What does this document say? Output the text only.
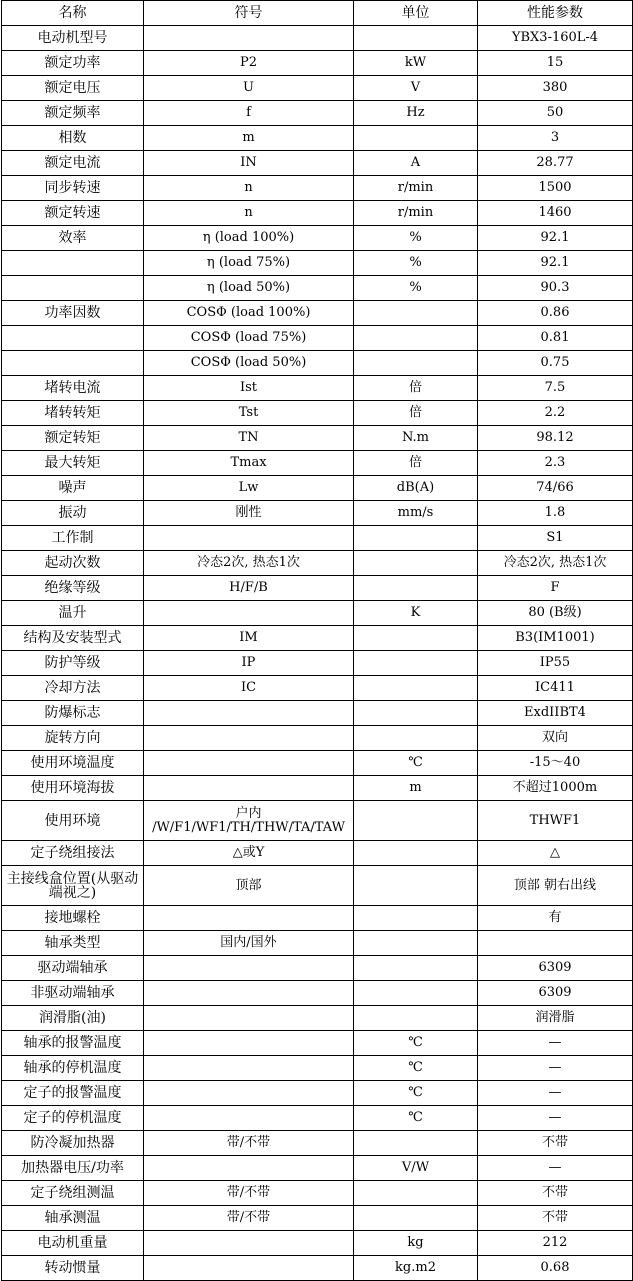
名称	符号	单位	性能参数
电动机型号			YBX3-160L-4
额定功率	P2	kW	15
额定电压	U	V	380
额定频率	f	Hz	50
相数	m		3
额定电流	IN	A	28.77
同步转速	n	r/min	1500
额定转速	n	r/min	1460
效率	η (load 100%)	%	92.1
	η (load 75%)	%	92.1
	η (load 50%)	%	90.3
功率因数	COSΦ (load 100%)		0.86
	COSΦ (load 75%)		0.81
	COSΦ (load 50%)		0.75
堵转电流	Ist	倍	7.5
堵转转矩	Tst	倍	2.2
额定转矩	TN	N.m	98.12
最大转矩	Tmax	倍	2.3
噪声	Lw	dB(A)	74/66
振动	刚性	mm/s	1.8
工作制			S1
起动次数	冷态2次, 热态1次		冷态2次, 热态1次
绝缘等级	H/F/B		F
温升		K	80 (B级)
结构及安装型式	IM		B3(IM1001)
防护等级	IP		IP55
冷却方法	IC		IC411
防爆标志			ExdIIBT4
旋转方向			双向
使用环境温度		℃	-15～40
使用环境海拔		m	不超过1000m
使用环境	户内 /W/F1/WF1/TH/THW/TA/TAW		THWF1
定子绕组接法	△或Y		△
主接线盒位置(从驱动端视之)	顶部		顶部 朝右出线
接地螺栓			有
轴承类型	国内/国外		
驱动端轴承			6309
非驱动端轴承			6309
润滑脂(油)			润滑脂
轴承的报警温度		℃	—
轴承的停机温度		℃	—
定子的报警温度		℃	—
定子的停机温度		℃	—
防冷凝加热器	带/不带		不带
加热器电压/功率		V/W	—
定子绕组测温	带/不带		不带
轴承测温	带/不带		不带
电动机重量		kg	212
转动惯量		kg.m2	0.68
